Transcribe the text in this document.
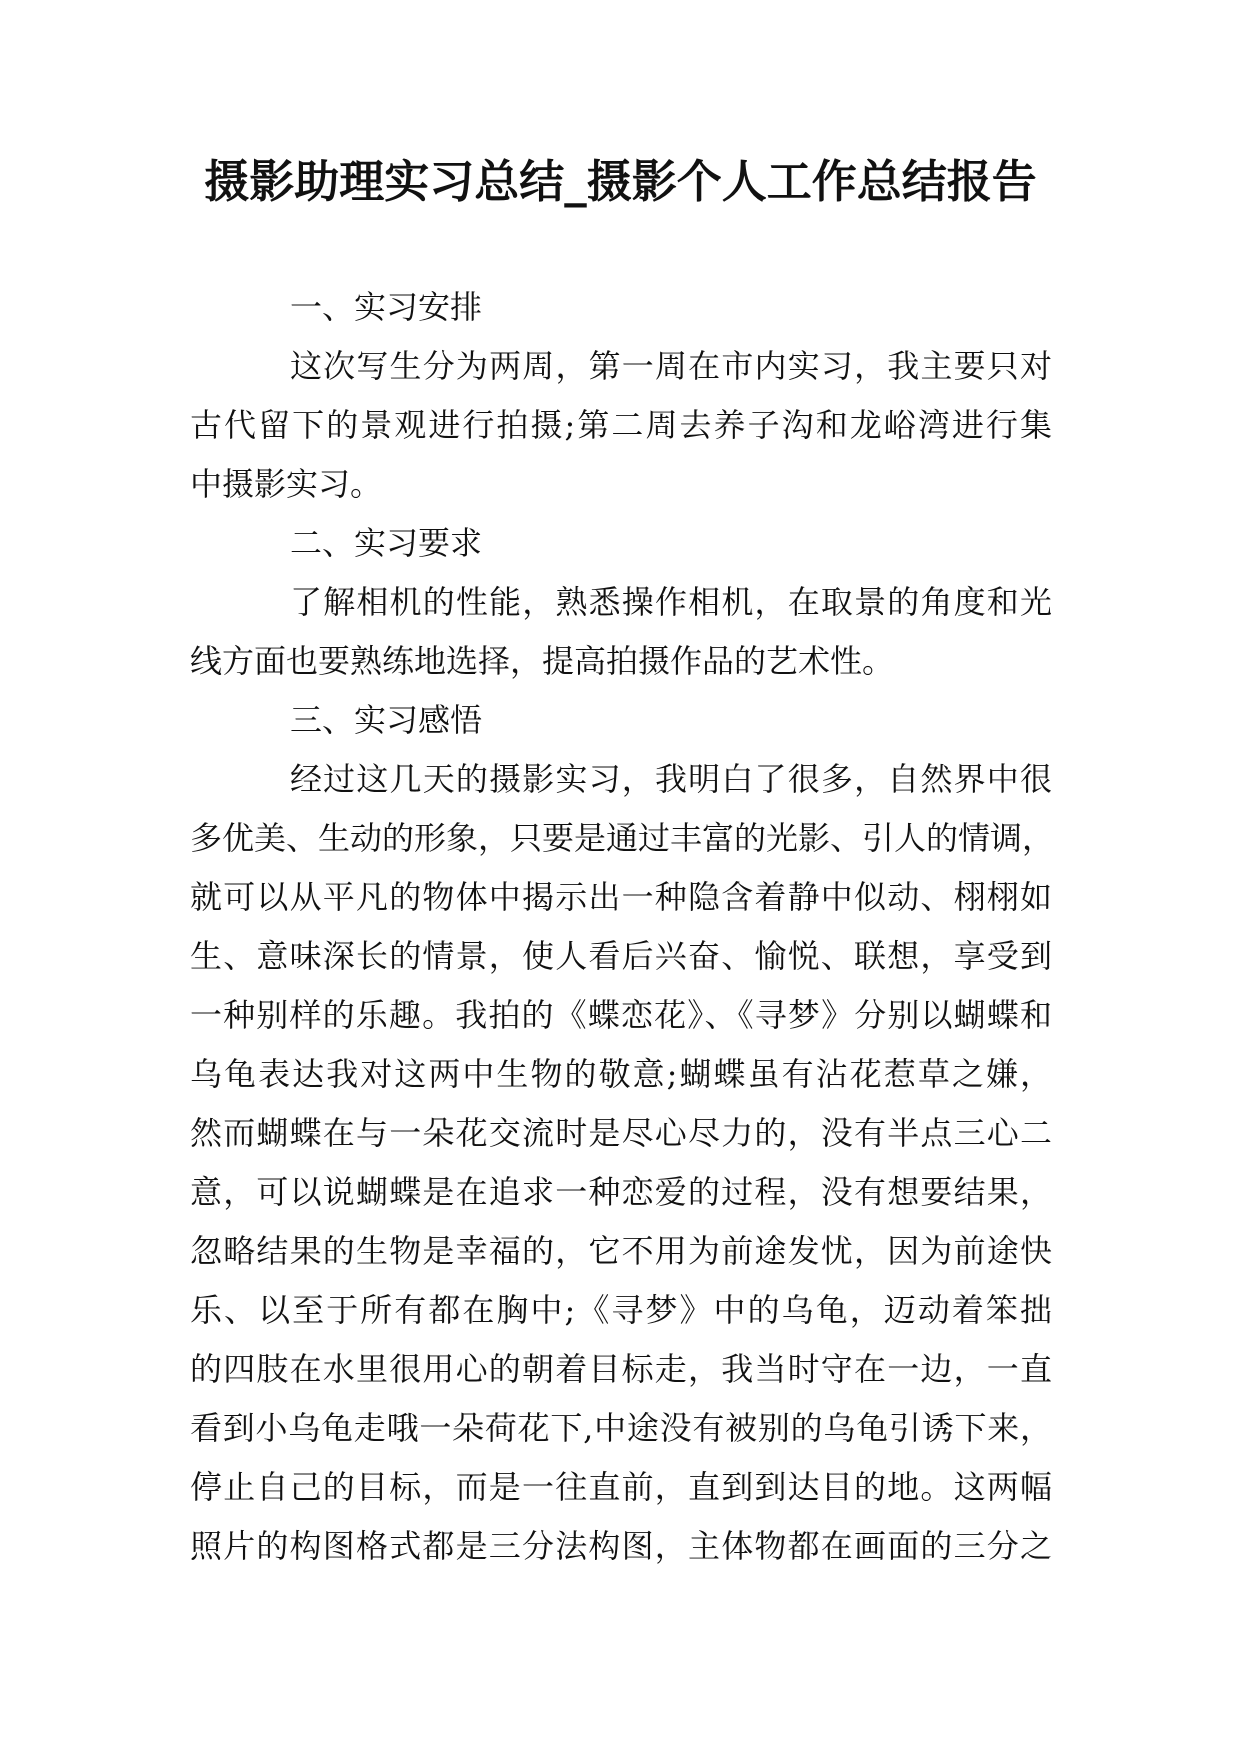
摄影助理实习总结_摄影个人工作总结报告
一、实习安排
这次写生分为两周，第一周在市内实习，我主要只对
古代留下的景观进行拍摄;第二周去养子沟和龙峪湾进行集
中摄影实习。
二、实习要求
了解相机的性能，熟悉操作相机，在取景的角度和光
线方面也要熟练地选择，提高拍摄作品的艺术性。
三、实习感悟
经过这几天的摄影实习，我明白了很多，自然界中很
多优美、生动的形象，只要是通过丰富的光影、引人的情调，
就可以从平凡的物体中揭示出一种隐含着静中似动、栩栩如
生、意味深长的情景，使人看后兴奋、愉悦、联想，享受到
一种别样的乐趣。我拍的《蝶恋花》、《寻梦》分别以蝴蝶和
乌龟表达我对这两中生物的敬意;蝴蝶虽有沾花惹草之嫌，
然而蝴蝶在与一朵花交流时是尽心尽力的，没有半点三心二
意，可以说蝴蝶是在追求一种恋爱的过程，没有想要结果，
忽略结果的生物是幸福的，它不用为前途发忧，因为前途快
乐、以至于所有都在胸中;《寻梦》中的乌龟，迈动着笨拙
的四肢在水里很用心的朝着目标走，我当时守在一边，一直
看到小乌龟走哦一朵荷花下,中途没有被别的乌龟引诱下来，
停止自己的目标，而是一往直前，直到到达目的地。这两幅
照片的构图格式都是三分法构图，主体物都在画面的三分之
